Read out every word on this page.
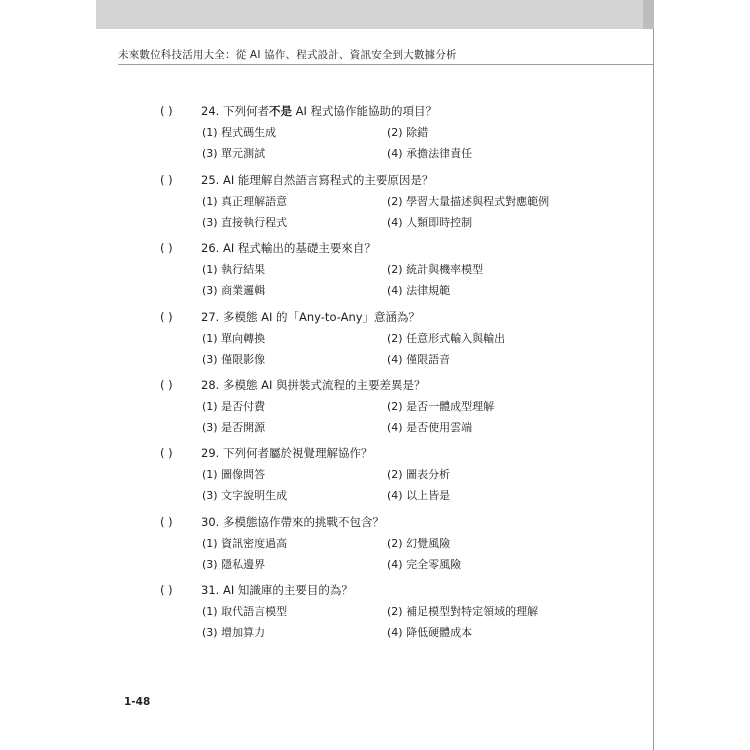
未來數位科技活用大全：從 AI 協作、程式設計、資訊安全到大數據分析
( ) 24. 下列何者不是 AI 程式協作能協助的項目？
(1) 程式碼生成	(2) 除錯
(3) 單元測試	(4) 承擔法律責任
( ) 25. AI 能理解自然語言寫程式的主要原因是？
(1) 真正理解語意	(2) 學習大量描述與程式對應範例
(3) 直接執行程式	(4) 人類即時控制
( ) 26. AI 程式輸出的基礎主要來自？
(1) 執行結果	(2) 統計與機率模型
(3) 商業邏輯	(4) 法律規範
( ) 27. 多模態 AI 的「Any-to-Any」意涵為？
(1) 單向轉換	(2) 任意形式輸入與輸出
(3) 僅限影像	(4) 僅限語音
( ) 28. 多模態 AI 與拼裝式流程的主要差異是？
(1) 是否付費	(2) 是否一體成型理解
(3) 是否開源	(4) 是否使用雲端
( ) 29. 下列何者屬於視覺理解協作？
(1) 圖像問答	(2) 圖表分析
(3) 文字說明生成	(4) 以上皆是
( ) 30. 多模態協作帶來的挑戰不包含？
(1) 資訊密度過高	(2) 幻覺風險
(3) 隱私邊界	(4) 完全零風險
( ) 31. AI 知識庫的主要目的為？
(1) 取代語言模型	(2) 補足模型對特定領域的理解
(3) 增加算力	(4) 降低硬體成本
1-48
